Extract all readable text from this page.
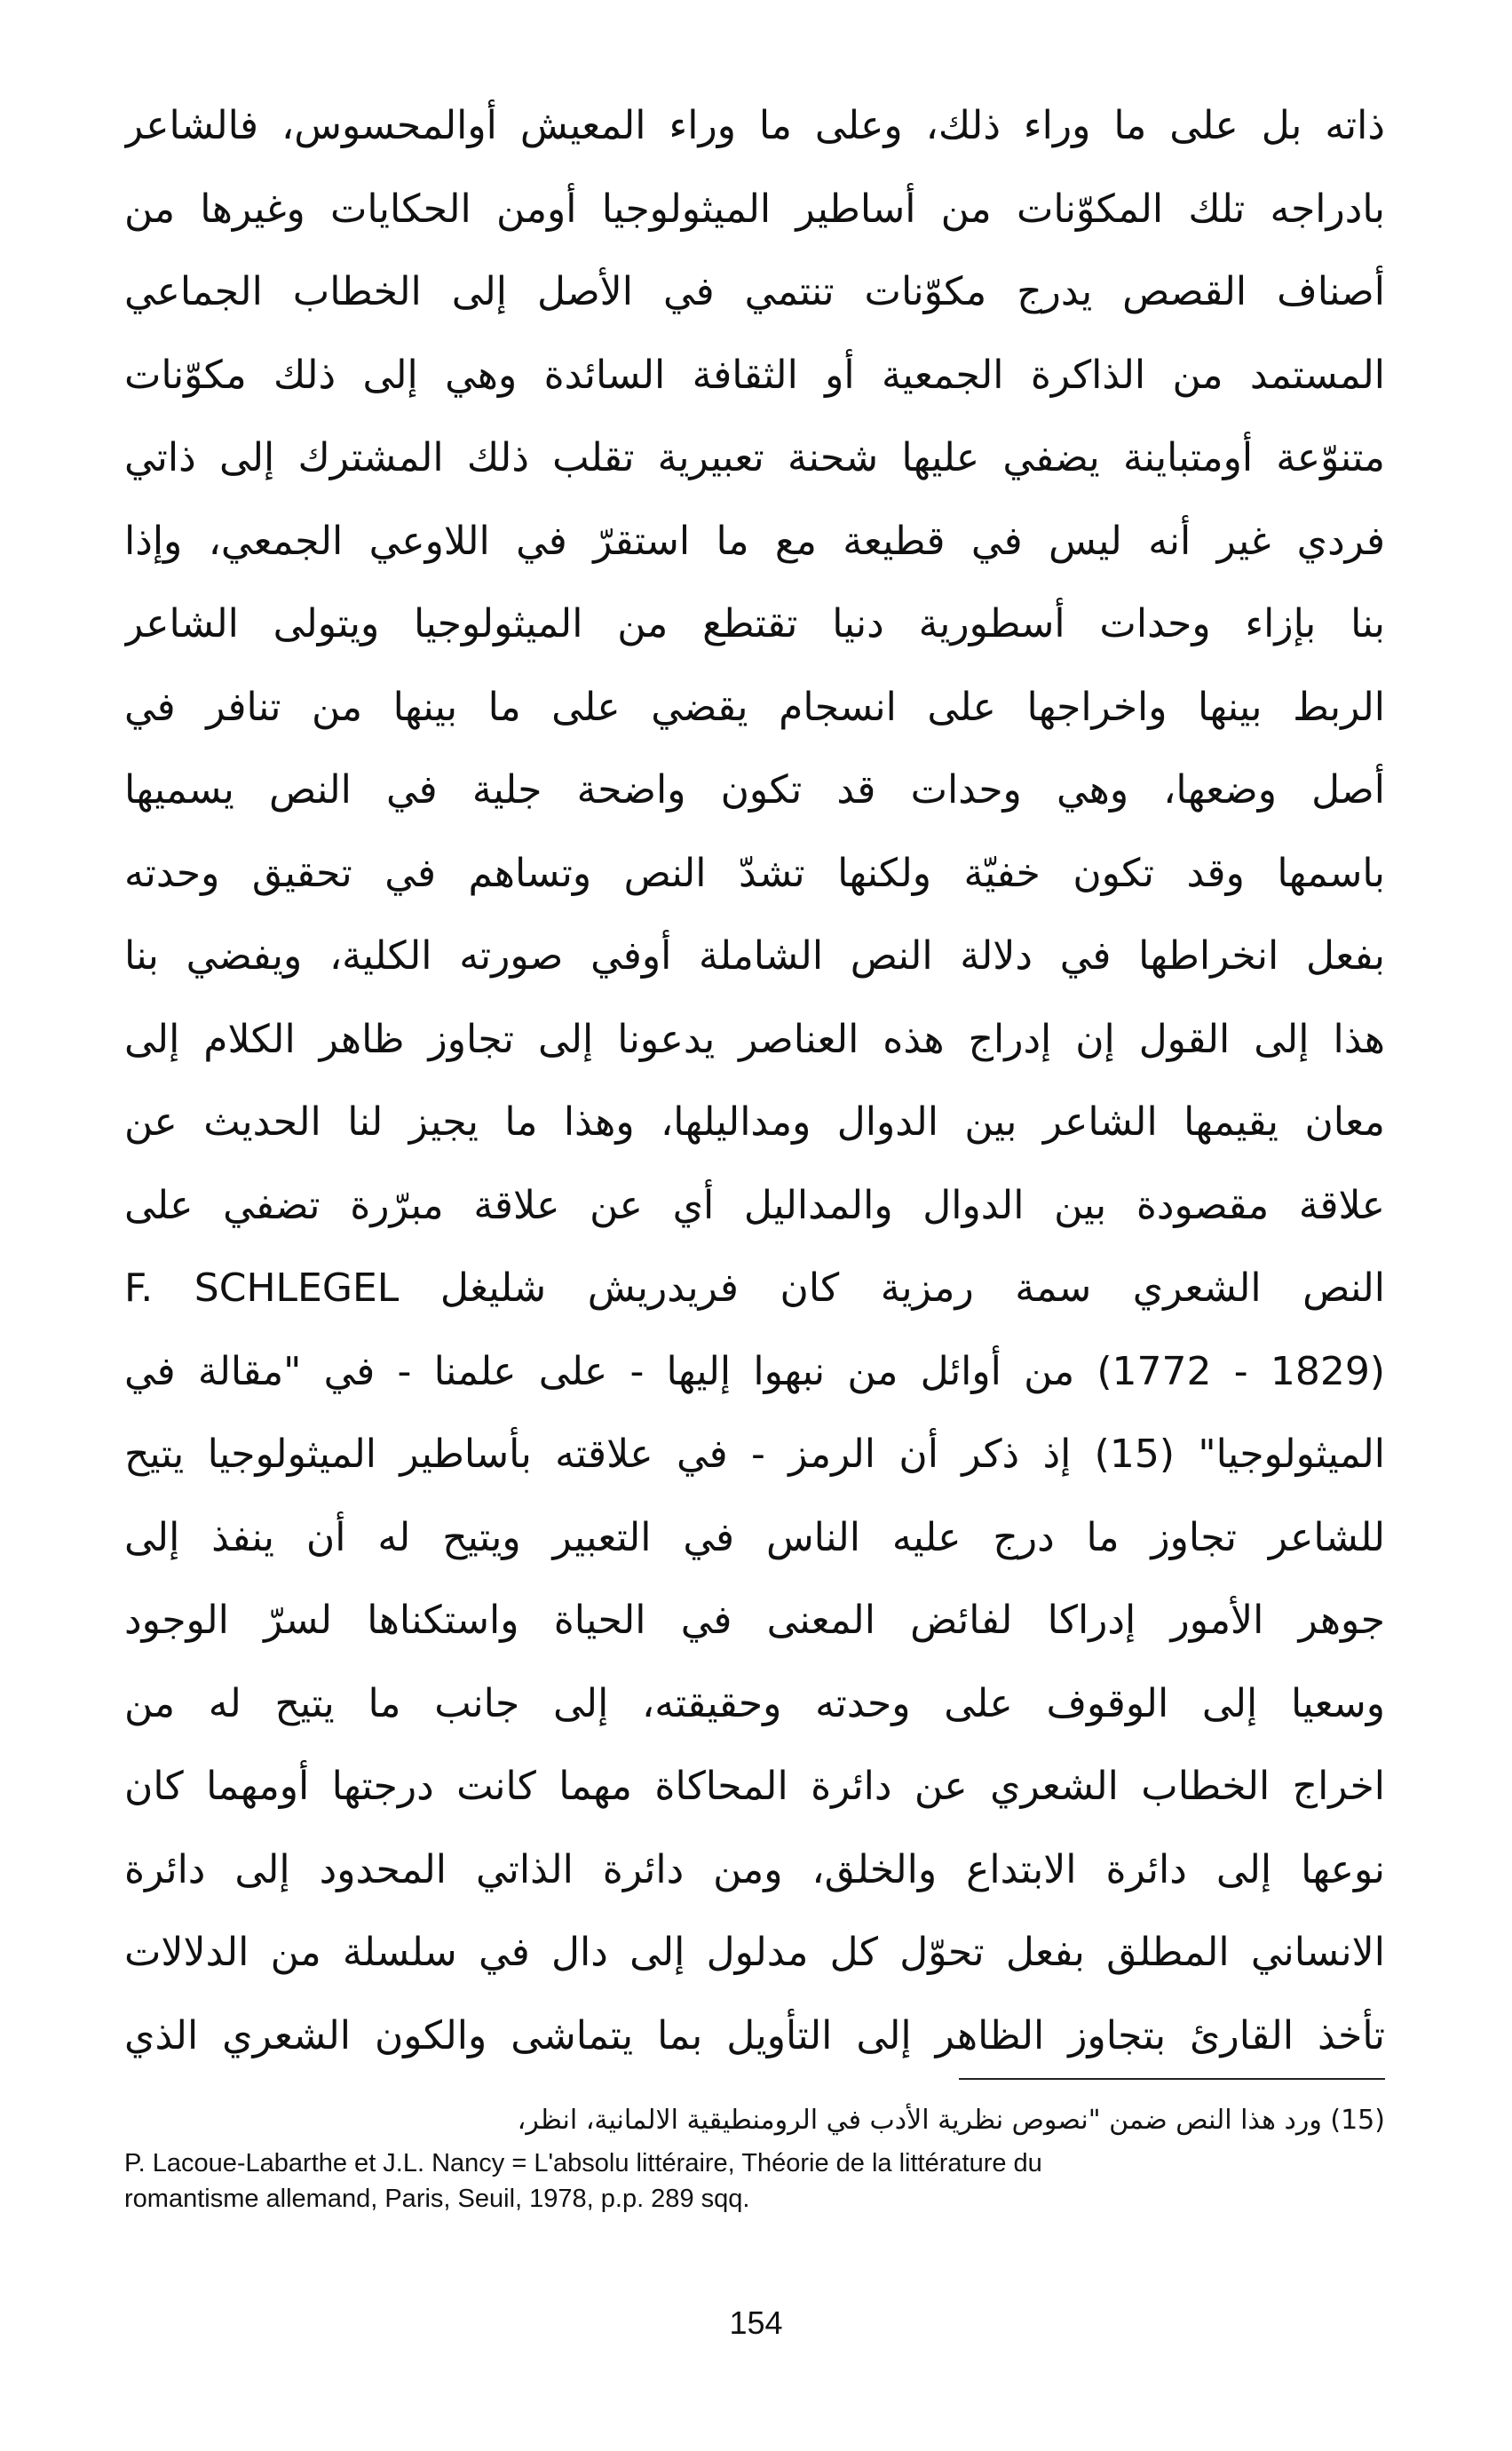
ذاته بل على ما وراء ذلك، وعلى ما وراء المعيش أوالمحسوس، فالشاعر
بادراجه تلك المكوّنات من أساطير الميثولوجيا أومن الحكايات وغيرها من
أصناف القصص يدرج مكوّنات تنتمي في الأصل إلى الخطاب الجماعي
المستمد من الذاكرة الجمعية أو الثقافة السائدة وهي إلى ذلك مكوّنات
متنوّعة أومتباينة يضفي عليها شحنة تعبيرية تقلب ذلك المشترك إلى ذاتي
فردي غير أنه ليس في قطيعة مع ما استقرّ في اللاوعي الجمعي، وإذا
بنا بإزاء وحدات أسطورية دنيا تقتطع من الميثولوجيا ويتولى الشاعر
الربط بينها واخراجها على انسجام يقضي على ما بينها من تنافر في
أصل وضعها، وهي وحدات قد تكون واضحة جلية في النص يسميها
باسمها وقد تكون خفيّة ولكنها تشدّ النص وتساهم في تحقيق وحدته
بفعل انخراطها في دلالة النص الشاملة أوفي صورته الكلية، ويفضي بنا
هذا إلى القول إن إدراج هذه العناصر يدعونا إلى تجاوز ظاهر الكلام إلى
معان يقيمها الشاعر بين الدوال ومداليلها، وهذا ما يجيز لنا الحديث عن
علاقة مقصودة بين الدوال والمداليل أي عن علاقة مبرّرة تضفي على
النص الشعري سمة رمزية كان فريدريش شليغل F. SCHLEGEL
(1829 - 1772) من أوائل من نبهوا إليها - على علمنا - في "مقالة في
الميثولوجيا" (15) إذ ذكر أن الرمز - في علاقته بأساطير الميثولوجيا يتيح
للشاعر تجاوز ما درج عليه الناس في التعبير ويتيح له أن ينفذ إلى
جوهر الأمور إدراكا لفائض المعنى في الحياة واستكناها لسرّ الوجود
وسعيا إلى الوقوف على وحدته وحقيقته، إلى جانب ما يتيح له من
اخراج الخطاب الشعري عن دائرة المحاكاة مهما كانت درجتها أومهما كان
نوعها إلى دائرة الابتداع والخلق، ومن دائرة الذاتي المحدود إلى دائرة
الانساني المطلق بفعل تحوّل كل مدلول إلى دال في سلسلة من الدلالات
تأخذ القارئ بتجاوز الظاهر إلى التأويل بما يتماشى والكون الشعري الذي
(15) ورد هذا النص ضمن "نصوص نظرية الأدب في الرومنطيقية الالمانية، انظر،
P. Lacoue-Labarthe et J.L. Nancy = L'absolu littéraire, Théorie de la littérature du
romantisme allemand, Paris, Seuil, 1978, p.p. 289 sqq.
154
